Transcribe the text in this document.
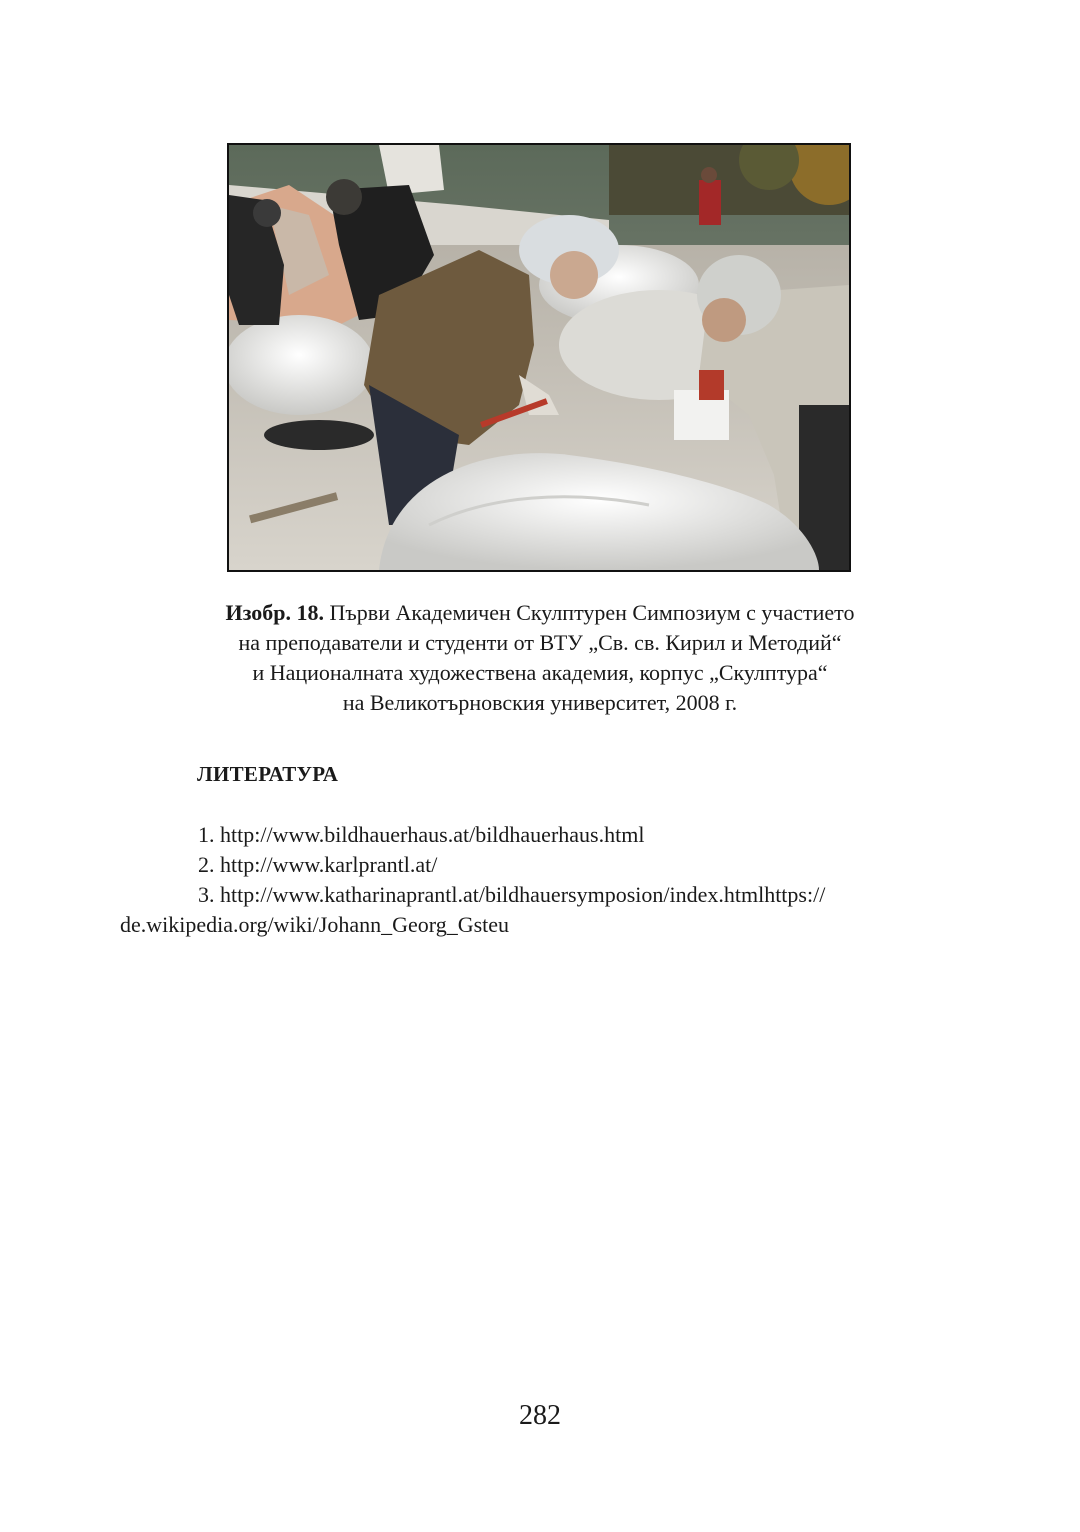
Изобр. 18. Първи Академичен Скулптурен Симпозиум с участието
на преподаватели и студенти от ВТУ „Св. св. Кирил и Методий“
и Националната художествена академия, корпус „Скулптура“
на Великотърновския университет, 2008 г.
ЛИТЕРАТУРА
1. http://www.bildhauerhaus.at/bildhauerhaus.html
2. http://www.karlprantl.at/
3. http://www.katharinaprantl.at/bildhauersymposion/index.htmlhttps://
de.wikipedia.org/wiki/Johann_Georg_Gsteu
282
